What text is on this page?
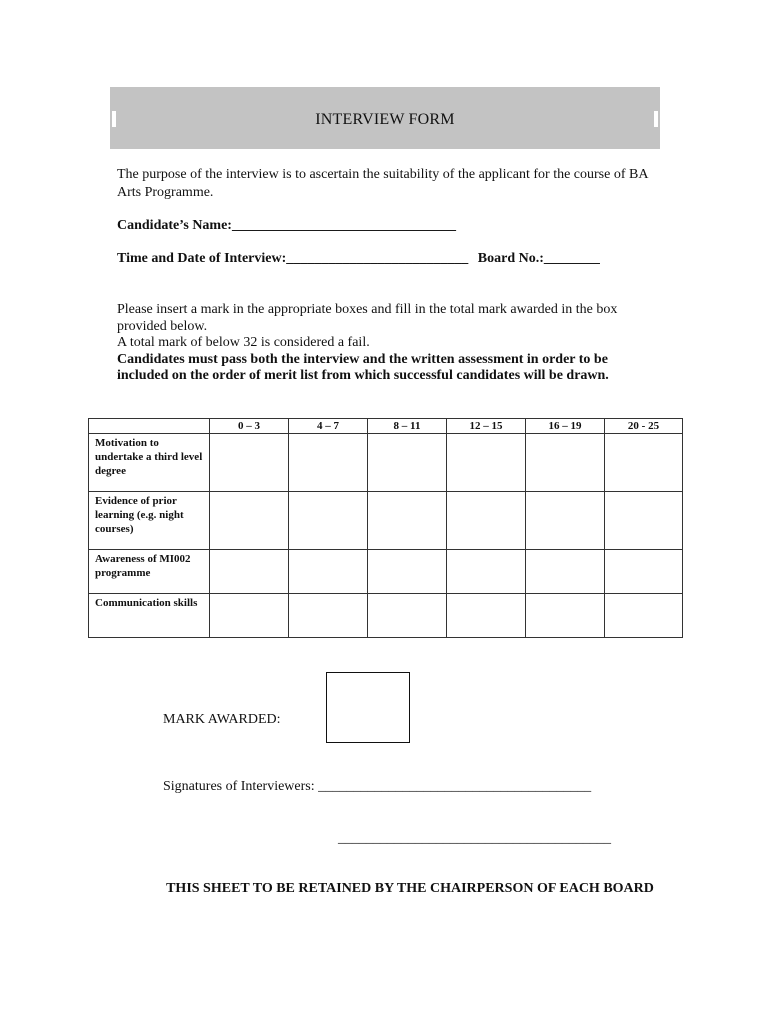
INTERVIEW FORM
The purpose of the interview is to ascertain the suitability of the applicant for the course of BA Arts Programme.
Candidate’s Name:________________________________
Time and Date of Interview:__________________________ Board No.:________
Please insert a mark in the appropriate boxes and fill in the total mark awarded in the box provided below.
A total mark of below 32 is considered a fail.
Candidates must pass both the interview and the written assessment in order to be included on the order of merit list from which successful candidates will be drawn.
	0 – 3	4 – 7	8 – 11	12 – 15	16 – 19	20 - 25
Motivation to undertake a third level degree						
Evidence of prior learning (e.g. night courses)						
Awareness of MI002 programme						
Communication skills						
MARK AWARDED:
Signatures of Interviewers: _______________________________________
_______________________________________
THIS SHEET TO BE RETAINED BY THE CHAIRPERSON OF EACH BOARD
